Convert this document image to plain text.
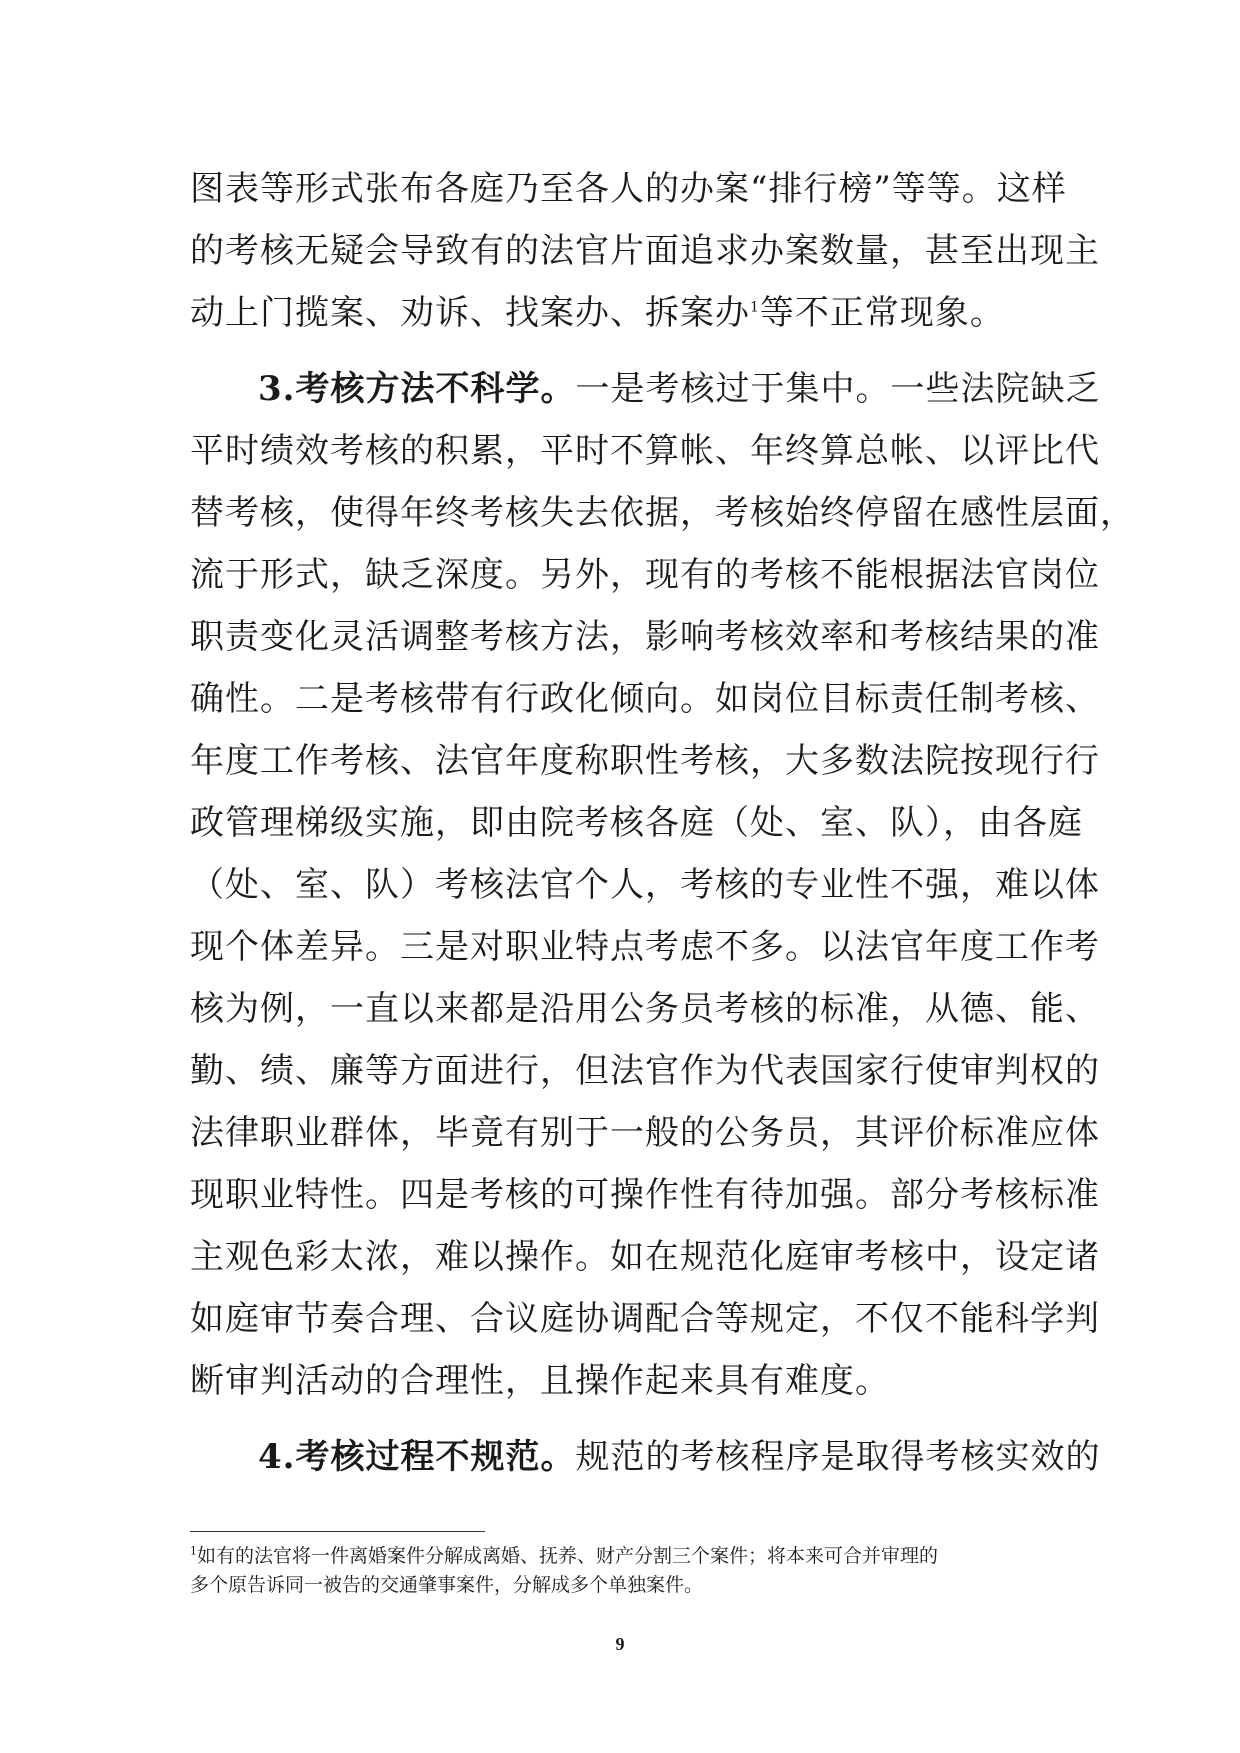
图表等形式张布各庭乃至各人的办案“排行榜”等等。这样
的考核无疑会导致有的法官片面追求办案数量，甚至出现主
动上门揽案、劝诉、找案办、拆案办$^1$等不正常现象。
3.考核方法不科学。一是考核过于集中。一些法院缺乏
平时绩效考核的积累，平时不算帐、年终算总帐、以评比代
替考核，使得年终考核失去依据，考核始终停留在感性层面，
流于形式，缺乏深度。另外，现有的考核不能根据法官岗位
职责变化灵活调整考核方法，影响考核效率和考核结果的准
确性。二是考核带有行政化倾向。如岗位目标责任制考核、
年度工作考核、法官年度称职性考核，大多数法院按现行行
政管理梯级实施，即由院考核各庭（处、室、队），由各庭
（处、室、队）考核法官个人，考核的专业性不强，难以体
现个体差异。三是对职业特点考虑不多。以法官年度工作考
核为例，一直以来都是沿用公务员考核的标准，从德、能、
勤、绩、廉等方面进行，但法官作为代表国家行使审判权的
法律职业群体，毕竟有别于一般的公务员，其评价标准应体
现职业特性。四是考核的可操作性有待加强。部分考核标准
主观色彩太浓，难以操作。如在规范化庭审考核中，设定诸
如庭审节奏合理、合议庭协调配合等规定，不仅不能科学判
断审判活动的合理性，且操作起来具有难度。
4.考核过程不规范。规范的考核程序是取得考核实效的
$^1$如有的法官将一件离婚案件分解成离婚、抚养、财产分割三个案件；将本来可合并审理的
多个原告诉同一被告的交通肇事案件，分解成多个单独案件。
9
